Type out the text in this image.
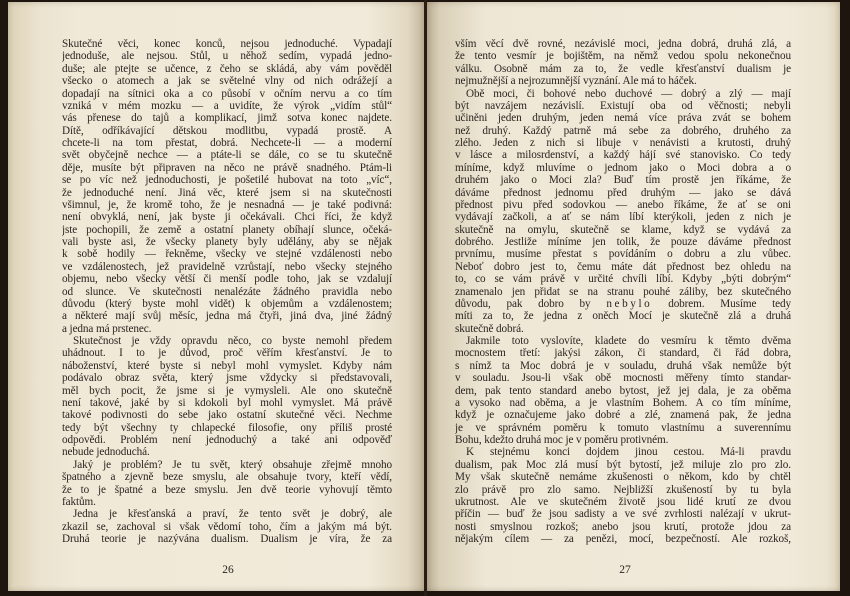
Skutečné věci, konec konců, nejsou jednoduché. Vypadají
jednoduše, ale nejsou. Stůl, u něhož sedím, vypadá jedno-
duše; ale ptejte se učence, z čeho se skládá, aby vám pověděl
všecko o atomech a jak se světelné vlny od nich odrážejí a
dopadají na sítnici oka a co působí v očním nervu a co tím
vzniká v mém mozku — a uvidíte, že výrok „vidím stůl“
vás přenese do tajů a komplikací, jimž sotva konec najdete.
Dítě, odříkávající dětskou modlitbu, vypadá prostě. A
chcete-li na tom přestat, dobrá. Nechcete-li — a moderní
svět obyčejně nechce — a ptáte-li se dále, co se tu skutečně
děje, musíte být připraven na něco ne právě snadného. Ptám-li
se po víc než jednoduchosti, je pošetilé hubovat na toto „víc“,
že jednoduché není. Jiná věc, které jsem si na skutečnosti
všimnul, je, že kromě toho, že je nesnadná — je také podivná:
není obvyklá, není, jak byste ji očekávali. Chci říci, že když
jste pochopili, že země a ostatní planety obíhají slunce, očeká-
vali byste asi, že všecky planety byly udělány, aby se nějak
k sobě hodily — řekněme, všecky ve stejné vzdálenosti nebo
ve vzdálenostech, jež pravidelně vzrůstají, nebo všecky stejného
objemu, nebo všecky větší či menší podle toho, jak se vzdalují
od slunce. Ve skutečnosti nenalézáte žádného pravidla nebo
důvodu (který byste mohl vidět) k objemům a vzdálenostem;
a některé mají svůj měsíc, jedna má čtyři, jiná dva, jiné žádný
a jedna má prstenec.
Skutečnost je vždy opravdu něco, co byste nemohl předem
uhádnout. I to je důvod, proč věřím křesťanství. Je to
náboženství, které byste si nebyl mohl vymyslet. Kdyby nám
podávalo obraz světa, který jsme vždycky si představovali,
měl bych pocit, že jsme si je vymysleli. Ale ono skutečně
není takové, jaké by si kdokoli byl mohl vymyslet. Má právě
takové podivnosti do sebe jako ostatní skutečné věci. Nechme
tedy být všechny ty chlapecké filosofie, ony příliš prosté
odpovědi. Problém není jednoduchý a také ani odpověď
nebude jednoduchá.
Jaký je problém? Je tu svět, který obsahuje zřejmě mnoho
špatného a zjevně beze smyslu, ale obsahuje tvory, kteří vědí,
že to je špatné a beze smyslu. Jen dvě teorie vyhovují těmto
faktům.
Jedna je křesťanská a praví, že tento svět je dobrý, ale
zkazil se, zachoval si však vědomí toho, čím a jakým má být.
Druhá teorie je nazývána dualism. Dualism je víra, že za
vším věcí dvě rovné, nezávislé moci, jedna dobrá, druhá zlá, a
že tento vesmír je bojištěm, na němž vedou spolu nekonečnou
válku. Osobně mám za to, že vedle křesťanství dualism je
nejmužnější a nejrozumnější vyznání. Ale má to háček.
Obě moci, či bohové nebo duchové — dobrý a zlý — mají
být navzájem nezávislí. Existují oba od věčnosti; nebyli
učiněni jeden druhým, jeden nemá více práva zvát se bohem
než druhý. Každý patrně má sebe za dobrého, druhého za
zlého. Jeden z nich si libuje v nenávisti a krutosti, druhý
v lásce a milosrdenství, a každý hájí své stanovisko. Co tedy
míníme, když mluvíme o jednom jako o Moci dobra a o
druhém jako o Moci zla? Buď tím prostě jen říkáme, že
dáváme přednost jednomu před druhým — jako se dává
přednost pivu před sodovkou — anebo říkáme, že ať se oni
vydávají začkoli, a ať se nám líbí kterýkoli, jeden z nich je
skutečně na omylu, skutečně se klame, když se vydává za
dobrého. Jestliže míníme jen tolik, že pouze dáváme přednost
prvnímu, musíme přestat s povídáním o dobru a zlu vůbec.
Neboť dobro jest to, čemu máte dát přednost bez ohledu na
to, co se vám právě v určité chvíli líbí. Kdyby „býti dobrým“
znamenalo jen přidat se na stranu pouhé záliby, bez skutečného
důvodu, pak dobro by nebylo dobrem. Musíme tedy
míti za to, že jedna z oněch Mocí je skutečně zlá a druhá
skutečně dobrá.
Jakmile toto vyslovíte, kladete do vesmíru k těmto dvěma
mocnostem třetí: jakýsi zákon, či standard, či řád dobra,
s nímž ta Moc dobrá je v souladu, druhá však nemůže být
v souladu. Jsou-li však obě mocnosti měřeny tímto standar-
dem, pak tento standard anebo bytost, jež jej dala, je za oběma
a vysoko nad oběma, a je vlastním Bohem. A co tím míníme,
když je označujeme jako dobré a zlé, znamená pak, že jedna
je ve správném poměru k tomuto vlastnímu a suverennímu
Bohu, kdežto druhá moc je v poměru protivném.
K stejnému konci dojdem jinou cestou. Má-li pravdu
dualism, pak Moc zlá musí být bytostí, jež miluje zlo pro zlo.
My však skutečně nemáme zkušenosti o někom, kdo by chtěl
zlo právě pro zlo samo. Nejbližší zkušeností by tu byla
ukrutnost. Ale ve skutečném životě jsou lidé krutí ze dvou
příčin — buď že jsou sadisty a ve své zvrhlosti nalézají v ukrut-
nosti smyslnou rozkoš; anebo jsou krutí, protože jdou za
nějakým cílem — za penězi, mocí, bezpečností. Ale rozkoš,
26	27
